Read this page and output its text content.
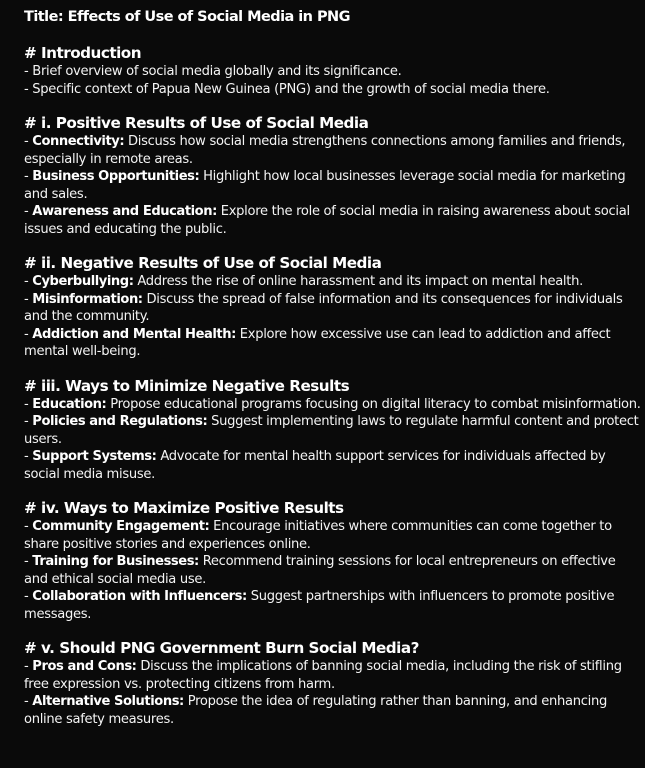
Title: Effects of Use of Social Media in PNG

# Introduction

- Brief overview of social media globally and its significance.

- Specific context of Papua New Guinea (PNG) and the growth of social media there.

# i. Positive Results of Use of Social Media

- Connectivity: Discuss how social media strengthens connections among families and friends, especially in remote areas.

- Business Opportunities: Highlight how local businesses leverage social media for marketing and sales.

- Awareness and Education: Explore the role of social media in raising awareness about social issues and educating the public.

# ii. Negative Results of Use of Social Media

- Cyberbullying: Address the rise of online harassment and its impact on mental health.

- Misinformation: Discuss the spread of false information and its consequences for individuals and the community.

- Addiction and Mental Health: Explore how excessive use can lead to addiction and affect mental well-being.

# iii. Ways to Minimize Negative Results

- Education: Propose educational programs focusing on digital literacy to combat misinformation.

- Policies and Regulations: Suggest implementing laws to regulate harmful content and protect users.

- Support Systems: Advocate for mental health support services for individuals affected by social media misuse.

# iv. Ways to Maximize Positive Results

- Community Engagement: Encourage initiatives where communities can come together to share positive stories and experiences online.

- Training for Businesses: Recommend training sessions for local entrepreneurs on effective and ethical social media use.

- Collaboration with Influencers: Suggest partnerships with influencers to promote positive messages.

# v. Should PNG Government Burn Social Media?

- Pros and Cons: Discuss the implications of banning social media, including the risk of stifling free expression vs. protecting citizens from harm.

- Alternative Solutions: Propose the idea of regulating rather than banning, and enhancing online safety measures.
